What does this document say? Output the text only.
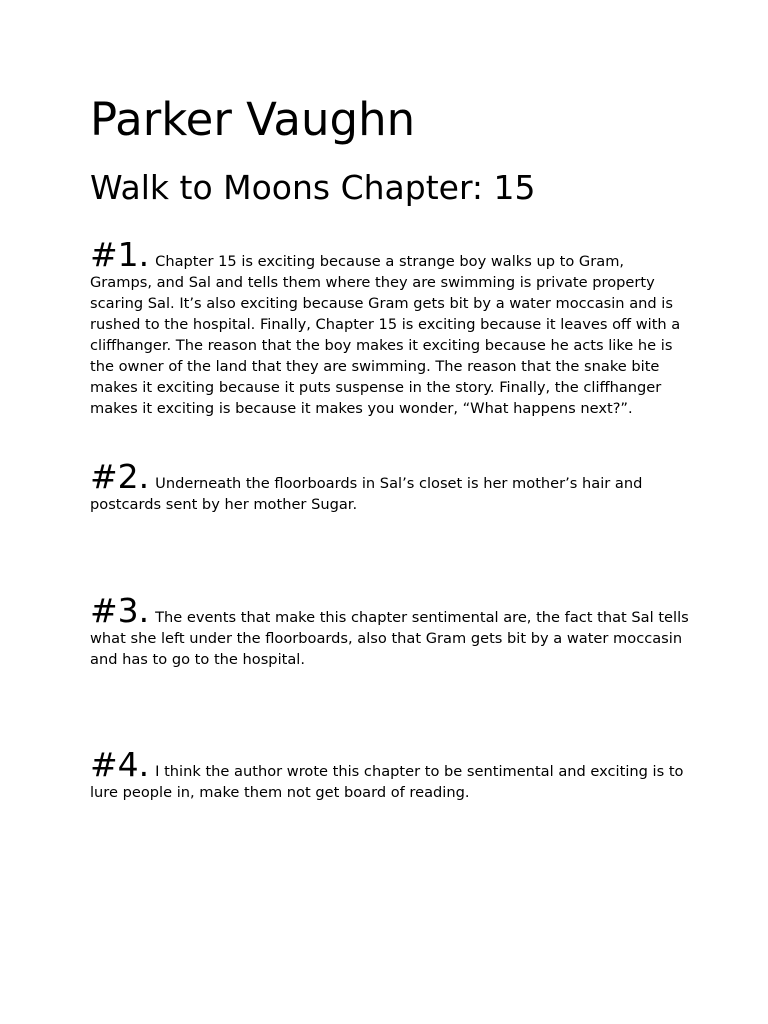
Parker Vaughn
Walk to Moons Chapter: 15

#1. Chapter 15 is exciting because a strange boy walks up to Gram, Gramps, and Sal and tells them where they are swimming is private property scaring Sal. It’s also exciting because Gram gets bit by a water moccasin and is rushed to the hospital. Finally, Chapter 15 is exciting because it leaves off with a cliffhanger. The reason that the boy makes it exciting because he acts like he is the owner of the land that they are swimming. The reason that the snake bite makes it exciting because it puts suspense in the story. Finally, the cliffhanger makes it exciting is because it makes you wonder, “What happens next?”.

#2. Underneath the floorboards in Sal’s closet is her mother’s hair and postcards sent by her mother Sugar.

#3. The events that make this chapter sentimental are, the fact that Sal tells what she left under the floorboards, also that Gram gets bit by a water moccasin and has to go to the hospital.

#4. I think the author wrote this chapter to be sentimental and exciting is to lure people in, make them not get board of reading.
